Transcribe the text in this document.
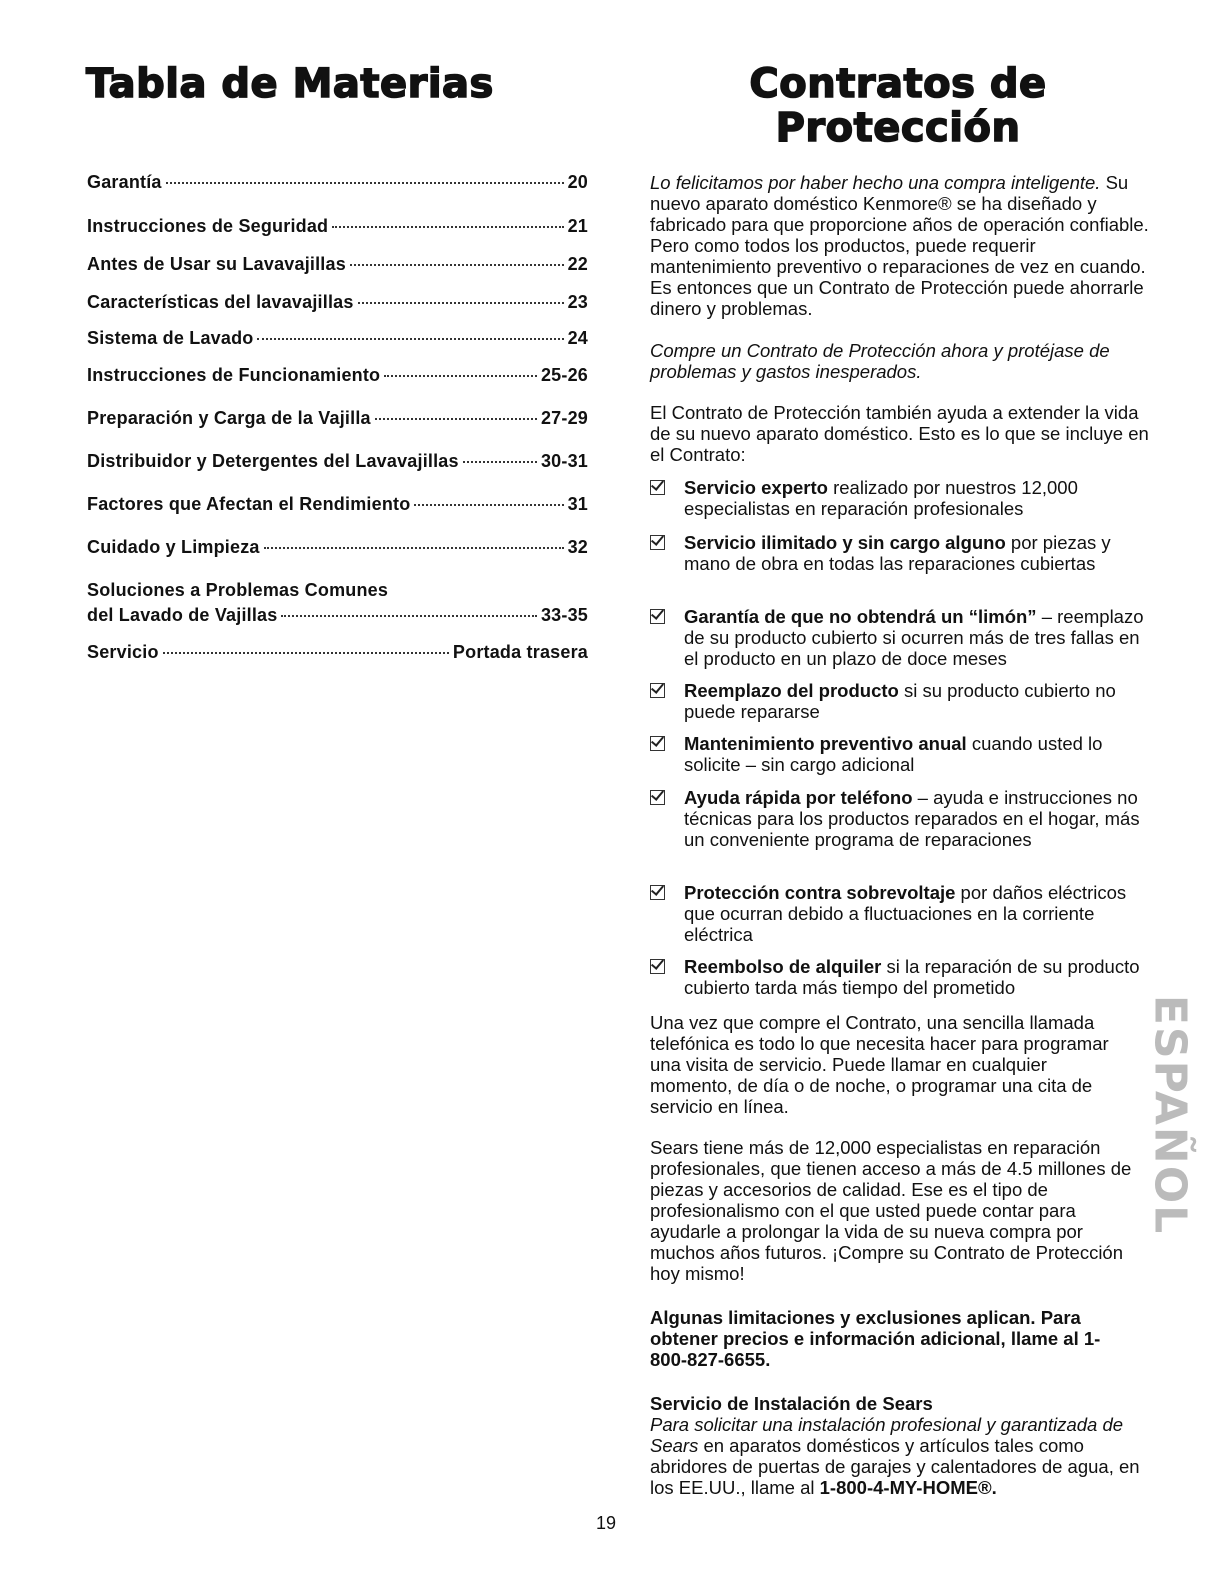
Tabla de Materias	Contratos de
Protección
Garantía	20
Instrucciones de Seguridad	21
Antes de Usar su Lavavajillas	22
Características del lavavajillas	23
Sistema de Lavado	24
Instrucciones de Funcionamiento	25-26
Preparación y Carga de la Vajilla	27-29
Distribuidor y Detergentes del Lavavajillas	30-31
Factores que Afectan el Rendimiento	31
Cuidado y Limpieza	32
Soluciones a Problemas Comunes
del Lavado de Vajillas	33-35
Servicio	Portada trasera

Lo felicitamos por haber hecho una compra inteligente. Su nuevo aparato doméstico Kenmore® se ha diseñado y fabricado para que proporcione años de operación confiable. Pero como todos los productos, puede requerir mantenimiento preventivo o reparaciones de vez en cuando. Es entonces que un Contrato de Protección puede ahorrarle dinero y problemas.

Compre un Contrato de Protección ahora y protéjase de problemas y gastos inesperados.
El Contrato de Protección también ayuda a extender la vida de su nuevo aparato doméstico. Esto es lo que se incluye en el Contrato:
Servicio experto realizado por nuestros 12,000 especialistas en reparación profesionales
Servicio ilimitado y sin cargo alguno por piezas y mano de obra en todas las reparaciones cubiertas
Garantía de que no obtendrá un “limón” – reemplazo de su producto cubierto si ocurren más de tres fallas en el producto en un plazo de doce meses
Reemplazo del producto si su producto cubierto no puede repararse
Mantenimiento preventivo anual cuando usted lo solicite – sin cargo adicional
Ayuda rápida por teléfono – ayuda e instrucciones no técnicas para los productos reparados en el hogar, más un conveniente programa de reparaciones
Protección contra sobrevoltaje por daños eléctricos que ocurran debido a fluctuaciones en la corriente eléctrica
Reembolso de alquiler si la reparación de su producto cubierto tarda más tiempo del prometido
Una vez que compre el Contrato, una sencilla llamada telefónica es todo lo que necesita hacer para programar una visita de servicio. Puede llamar en cualquier momento, de día o de noche, o programar una cita de servicio en línea.
Sears tiene más de 12,000 especialistas en reparación profesionales, que tienen acceso a más de 4.5 millones de piezas y accesorios de calidad. Ese es el tipo de profesionalismo con el que usted puede contar para ayudarle a prolongar la vida de su nueva compra por muchos años futuros. ¡Compre su Contrato de Protección hoy mismo!
Algunas limitaciones y exclusiones aplican. Para obtener precios e información adicional, llame al 1-800-827-6655.
Servicio de Instalación de Sears
Para solicitar una instalación profesional y garantizada de Sears en aparatos domésticos y artículos tales como abridores de puertas de garajes y calentadores de agua, en los EE.UU., llame al 1-800-4-MY-HOME®.
ESPAÑOL
19
